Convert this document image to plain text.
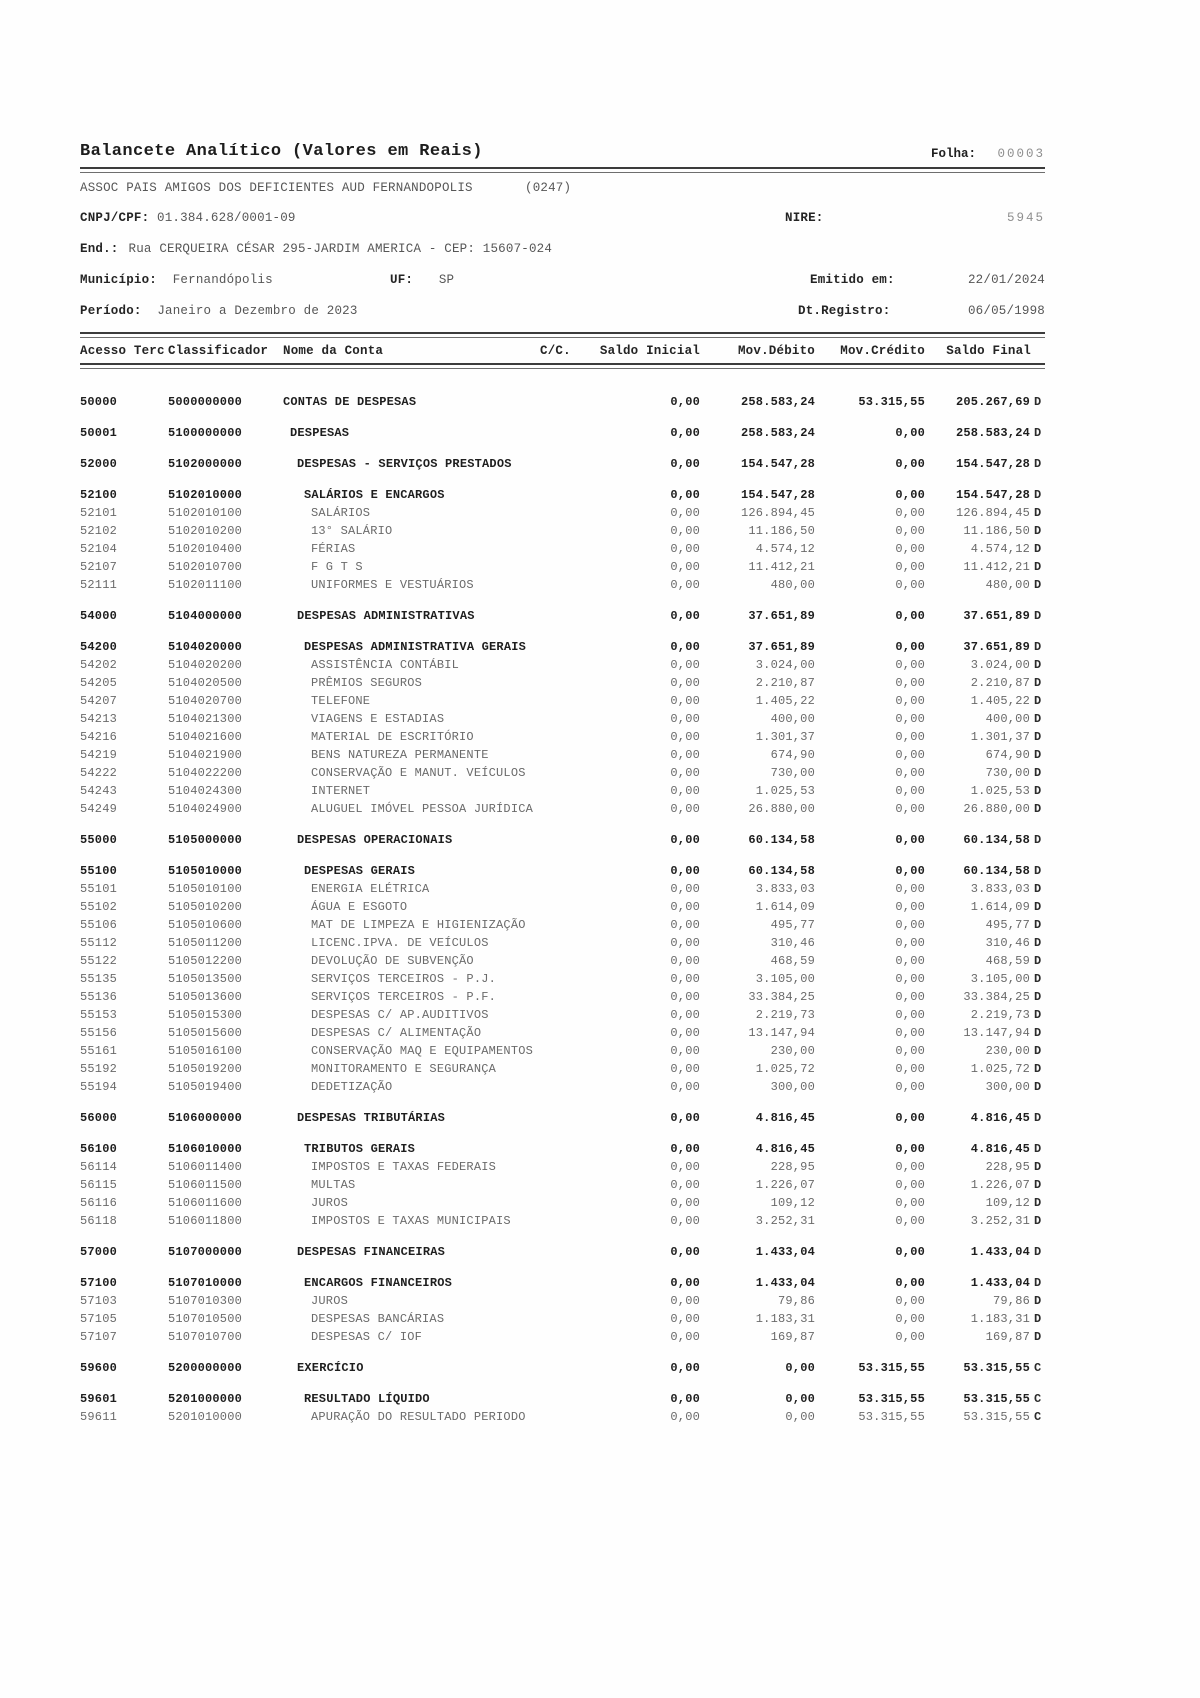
Balancete Analítico (Valores em Reais)	Folha: 00003
ASSOC PAIS AMIGOS DOS DEFICIENTES AUD FERNANDOPOLIS	(0247)
CNPJ/CPF: 01.384.628/0001-09	NIRE:	5945
End.: Rua CERQUEIRA CÉSAR 295-JARDIM AMERICA - CEP: 15607-024
Município: Fernandópolis	UF: SP	Emitido em:	22/01/2024
Período: Janeiro a Dezembro de 2023	Dt.Registro:	06/05/1998
Acesso Terc Classificador	Nome da Conta	C/C.	Saldo Inicial	Mov.Débito	Mov.Crédito	Saldo Final
50000	5000000000	CONTAS DE DESPESAS	0,00	258.583,24	53.315,55	205.267,69 D
50001	5100000000	DESPESAS	0,00	258.583,24	0,00	258.583,24 D
52000	5102000000	DESPESAS - SERVIÇOS PRESTADOS	0,00	154.547,28	0,00	154.547,28 D
52100	5102010000	SALÁRIOS E ENCARGOS	0,00	154.547,28	0,00	154.547,28 D
52101	5102010100	SALÁRIOS	0,00	126.894,45	0,00	126.894,45 D
52102	5102010200	13° SALÁRIO	0,00	11.186,50	0,00	11.186,50 D
52104	5102010400	FÉRIAS	0,00	4.574,12	0,00	4.574,12 D
52107	5102010700	F G T S	0,00	11.412,21	0,00	11.412,21 D
52111	5102011100	UNIFORMES E VESTUÁRIOS	0,00	480,00	0,00	480,00 D
54000	5104000000	DESPESAS ADMINISTRATIVAS	0,00	37.651,89	0,00	37.651,89 D
54200	5104020000	DESPESAS ADMINISTRATIVA GERAIS	0,00	37.651,89	0,00	37.651,89 D
54202	5104020200	ASSISTÊNCIA CONTÁBIL	0,00	3.024,00	0,00	3.024,00 D
54205	5104020500	PRÊMIOS SEGUROS	0,00	2.210,87	0,00	2.210,87 D
54207	5104020700	TELEFONE	0,00	1.405,22	0,00	1.405,22 D
54213	5104021300	VIAGENS E ESTADIAS	0,00	400,00	0,00	400,00 D
54216	5104021600	MATERIAL DE ESCRITÓRIO	0,00	1.301,37	0,00	1.301,37 D
54219	5104021900	BENS NATUREZA PERMANENTE	0,00	674,90	0,00	674,90 D
54222	5104022200	CONSERVAÇÃO E MANUT. VEÍCULOS	0,00	730,00	0,00	730,00 D
54243	5104024300	INTERNET	0,00	1.025,53	0,00	1.025,53 D
54249	5104024900	ALUGUEL IMÓVEL PESSOA JURÍDICA	0,00	26.880,00	0,00	26.880,00 D
55000	5105000000	DESPESAS OPERACIONAIS	0,00	60.134,58	0,00	60.134,58 D
55100	5105010000	DESPESAS GERAIS	0,00	60.134,58	0,00	60.134,58 D
55101	5105010100	ENERGIA ELÉTRICA	0,00	3.833,03	0,00	3.833,03 D
55102	5105010200	ÁGUA E ESGOTO	0,00	1.614,09	0,00	1.614,09 D
55106	5105010600	MAT DE LIMPEZA E HIGIENIZAÇÃO	0,00	495,77	0,00	495,77 D
55112	5105011200	LICENC.IPVA. DE VEÍCULOS	0,00	310,46	0,00	310,46 D
55122	5105012200	DEVOLUÇÃO DE SUBVENÇÃO	0,00	468,59	0,00	468,59 D
55135	5105013500	SERVIÇOS TERCEIROS - P.J.	0,00	3.105,00	0,00	3.105,00 D
55136	5105013600	SERVIÇOS TERCEIROS - P.F.	0,00	33.384,25	0,00	33.384,25 D
55153	5105015300	DESPESAS C/ AP.AUDITIVOS	0,00	2.219,73	0,00	2.219,73 D
55156	5105015600	DESPESAS C/ ALIMENTAÇÃO	0,00	13.147,94	0,00	13.147,94 D
55161	5105016100	CONSERVAÇÃO MAQ E EQUIPAMENTOS	0,00	230,00	0,00	230,00 D
55192	5105019200	MONITORAMENTO E SEGURANÇA	0,00	1.025,72	0,00	1.025,72 D
55194	5105019400	DEDETIZAÇÃO	0,00	300,00	0,00	300,00 D
56000	5106000000	DESPESAS TRIBUTÁRIAS	0,00	4.816,45	0,00	4.816,45 D
56100	5106010000	TRIBUTOS GERAIS	0,00	4.816,45	0,00	4.816,45 D
56114	5106011400	IMPOSTOS E TAXAS FEDERAIS	0,00	228,95	0,00	228,95 D
56115	5106011500	MULTAS	0,00	1.226,07	0,00	1.226,07 D
56116	5106011600	JUROS	0,00	109,12	0,00	109,12 D
56118	5106011800	IMPOSTOS E TAXAS MUNICIPAIS	0,00	3.252,31	0,00	3.252,31 D
57000	5107000000	DESPESAS FINANCEIRAS	0,00	1.433,04	0,00	1.433,04 D
57100	5107010000	ENCARGOS FINANCEIROS	0,00	1.433,04	0,00	1.433,04 D
57103	5107010300	JUROS	0,00	79,86	0,00	79,86 D
57105	5107010500	DESPESAS BANCÁRIAS	0,00	1.183,31	0,00	1.183,31 D
57107	5107010700	DESPESAS C/ IOF	0,00	169,87	0,00	169,87 D
59600	5200000000	EXERCÍCIO	0,00	0,00	53.315,55	53.315,55 C
59601	5201000000	RESULTADO LÍQUIDO	0,00	0,00	53.315,55	53.315,55 C
59611	5201010000	APURAÇÃO DO RESULTADO PERIODO	0,00	0,00	53.315,55	53.315,55 C
